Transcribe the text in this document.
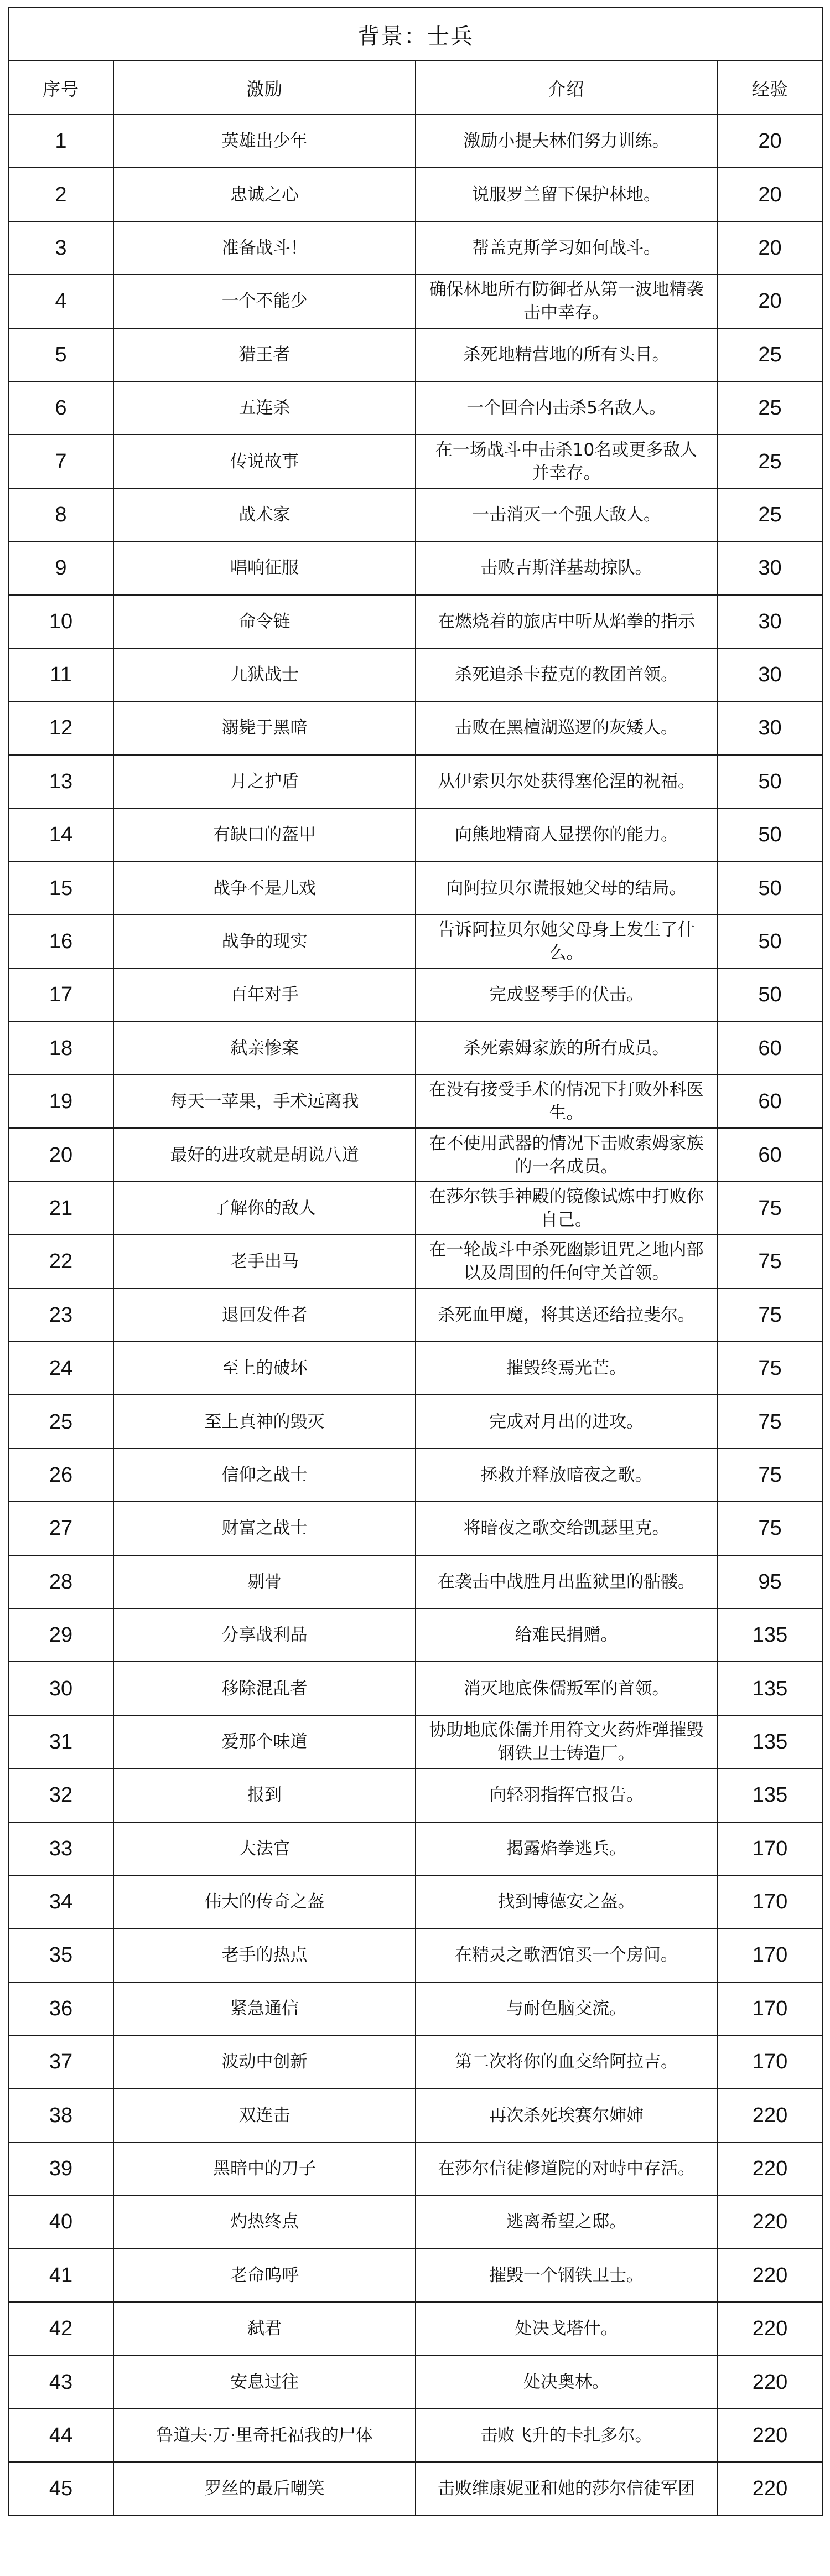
背景：士兵			
序号	激励	介绍	经验
1	英雄出少年	激励小提夫林们努力训练。	20
2	忠诚之心	说服罗兰留下保护林地。	20
3	准备战斗！	帮盖克斯学习如何战斗。	20
4	一个不能少	确保林地所有防御者从第一波地精袭击中幸存。	20
5	猎王者	杀死地精营地的所有头目。	25
6	五连杀	一个回合内击杀5名敌人。	25
7	传说故事	在一场战斗中击杀10名或更多敌人并幸存。	25
8	战术家	一击消灭一个强大敌人。	25
9	唱响征服	击败吉斯洋基劫掠队。	30
10	命令链	在燃烧着的旅店中听从焰拳的指示	30
11	九狱战士	杀死追杀卡菈克的教团首领。	30
12	溺毙于黑暗	击败在黑檀湖巡逻的灰矮人。	30
13	月之护盾	从伊索贝尔处获得塞伦涅的祝福。	50
14	有缺口的盔甲	向熊地精商人显摆你的能力。	50
15	战争不是儿戏	向阿拉贝尔谎报她父母的结局。	50
16	战争的现实	告诉阿拉贝尔她父母身上发生了什么。	50
17	百年对手	完成竖琴手的伏击。	50
18	弑亲惨案	杀死索姆家族的所有成员。	60
19	每天一苹果，手术远离我	在没有接受手术的情况下打败外科医生。	60
20	最好的进攻就是胡说八道	在不使用武器的情况下击败索姆家族的一名成员。	60
21	了解你的敌人	在莎尔铁手神殿的镜像试炼中打败你自己。	75
22	老手出马	在一轮战斗中杀死幽影诅咒之地内部以及周围的任何守关首领。	75
23	退回发件者	杀死血甲魔，将其送还给拉斐尔。	75
24	至上的破坏	摧毁终焉光芒。	75
25	至上真神的毁灭	完成对月出的进攻。	75
26	信仰之战士	拯救并释放暗夜之歌。	75
27	财富之战士	将暗夜之歌交给凯瑟里克。	75
28	剔骨	在袭击中战胜月出监狱里的骷髅。	95
29	分享战利品	给难民捐赠。	135
30	移除混乱者	消灭地底侏儒叛军的首领。	135
31	爱那个味道	协助地底侏儒并用符文火药炸弹摧毁钢铁卫士铸造厂。	135
32	报到	向轻羽指挥官报告。	135
33	大法官	揭露焰拳逃兵。	170
34	伟大的传奇之盔	找到博德安之盔。	170
35	老手的热点	在精灵之歌酒馆买一个房间。	170
36	紧急通信	与耐色脑交流。	170
37	波动中创新	第二次将你的血交给阿拉吉。	170
38	双连击	再次杀死埃赛尔婶婶	220
39	黑暗中的刀子	在莎尔信徒修道院的对峙中存活。	220
40	灼热终点	逃离希望之邸。	220
41	老命呜呼	摧毁一个钢铁卫士。	220
42	弑君	处决戈塔什。	220
43	安息过往	处决奥林。	220
44	鲁道夫·万·里奇托福我的尸体	击败飞升的卡扎多尔。	220
45	罗丝的最后嘲笑	击败维康妮亚和她的莎尔信徒军团	220
